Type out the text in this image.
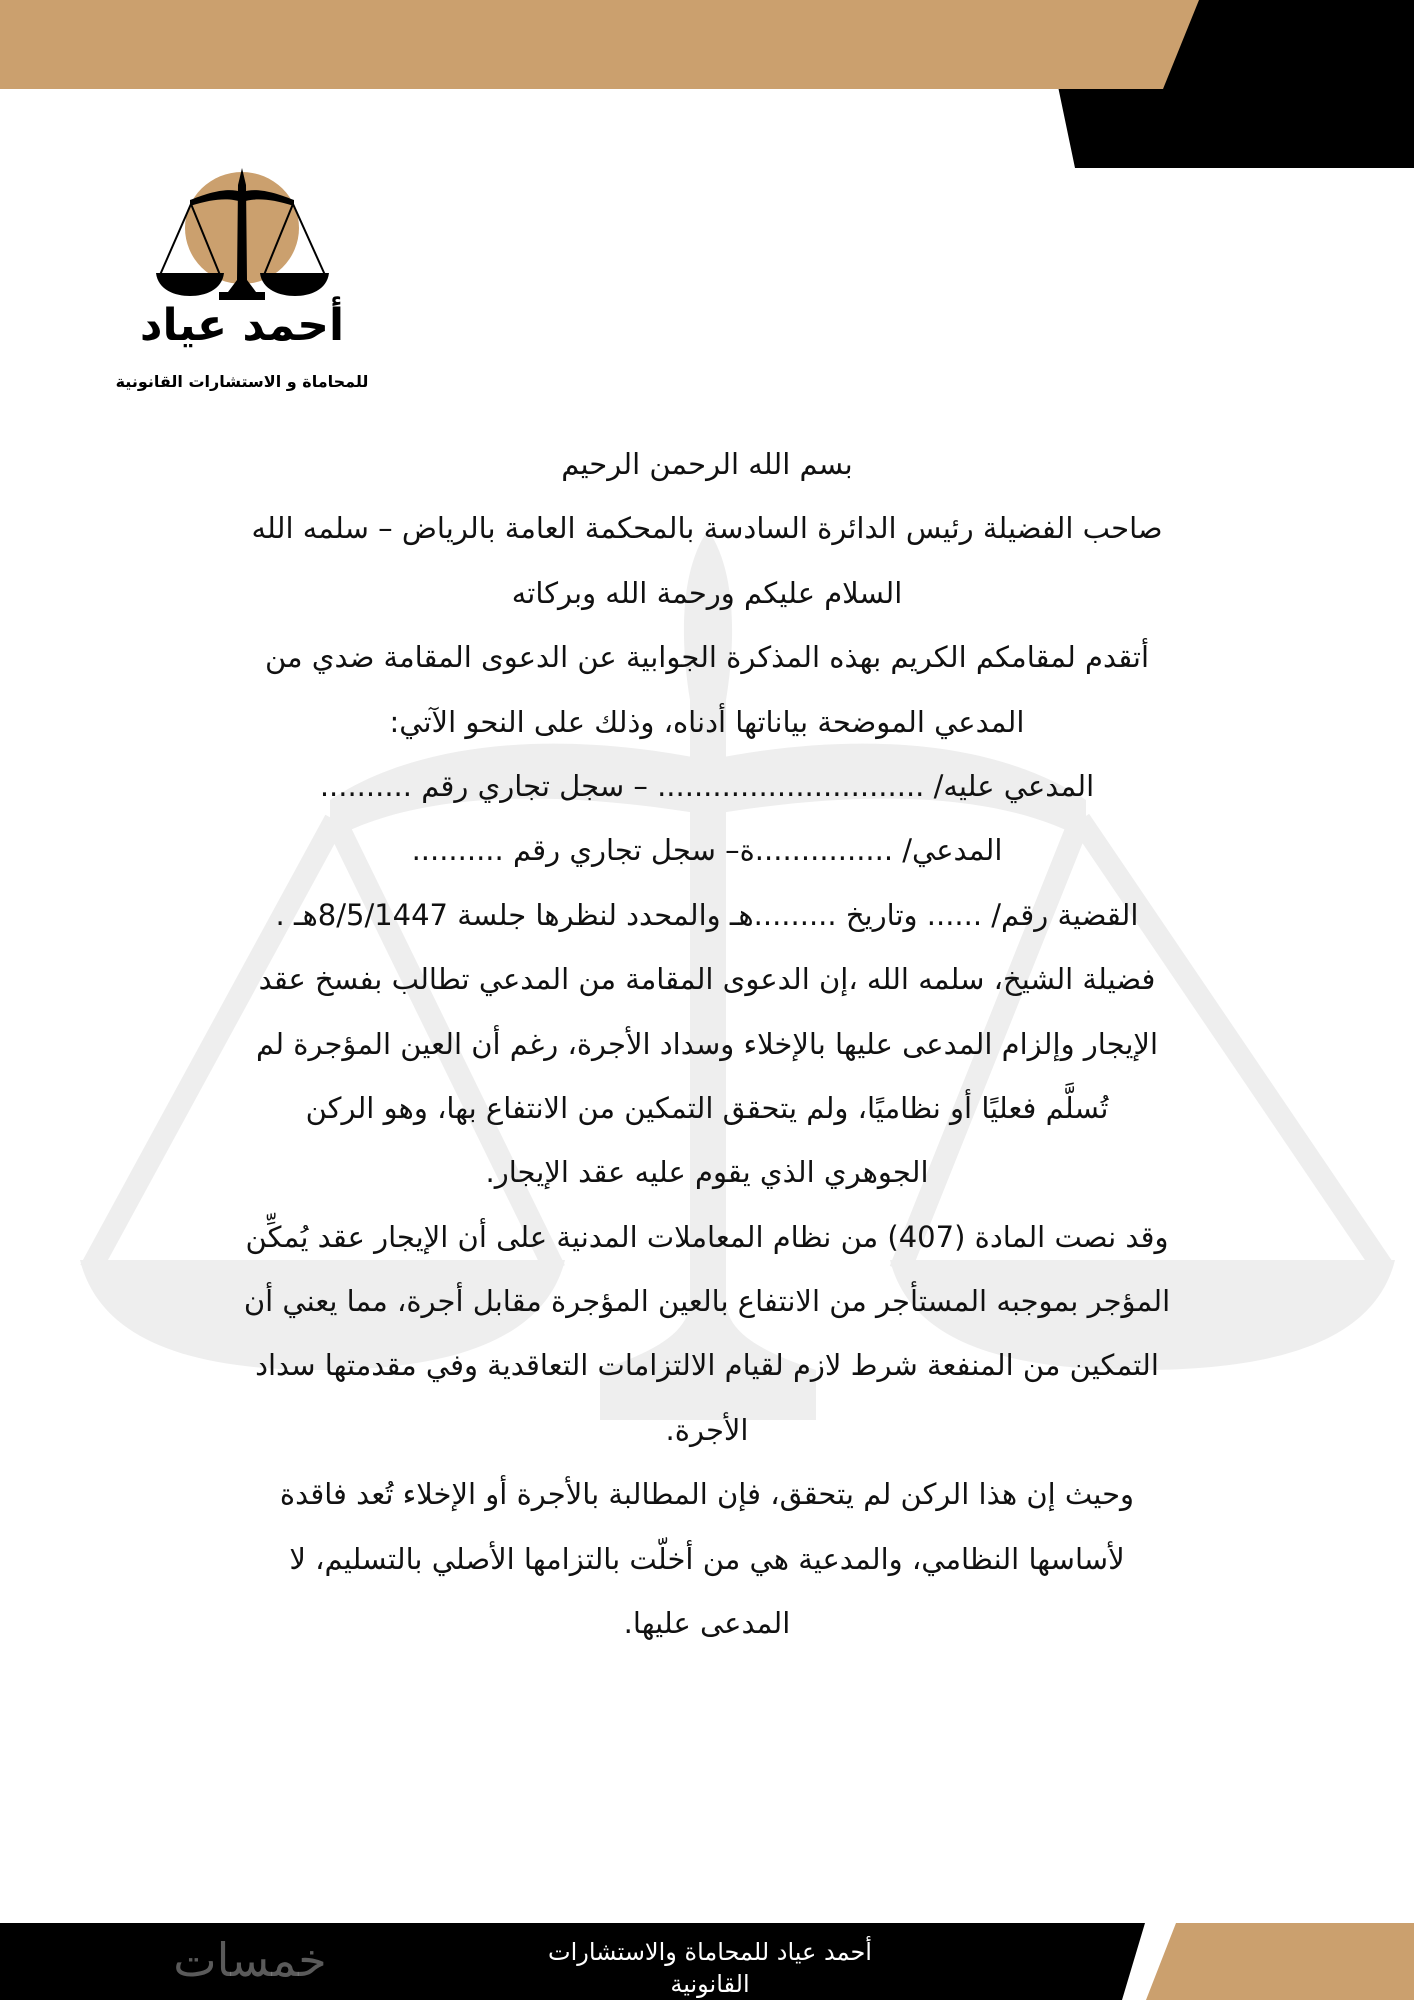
أحمد عياد
للمحاماة و الاستشارات القانونية
بسم الله الرحمن الرحيم
صاحب الفضيلة رئيس الدائرة السادسة بالمحكمة العامة بالرياض – سلمه الله
السلام عليكم ورحمة الله وبركاته
أتقدم لمقامكم الكريم بهذه المذكرة الجوابية عن الدعوى المقامة ضدي من
المدعي الموضحة بياناتها أدناه، وذلك على النحو الآتي:
المدعي عليه/ ............................. – سجل تجاري رقم ..........
المدعي/ ...............ة– سجل تجاري رقم ..........
القضية رقم/ ...... وتاريخ .........هـ والمحدد لنظرها جلسة 8/5/1447هـ .
فضيلة الشيخ، سلمه الله ،إن الدعوى المقامة من المدعي تطالب بفسخ عقد
الإيجار وإلزام المدعى عليها بالإخلاء وسداد الأجرة، رغم أن العين المؤجرة لم
تُسلَّم فعليًا أو نظاميًا، ولم يتحقق التمكين من الانتفاع بها، وهو الركن
الجوهري الذي يقوم عليه عقد الإيجار.
وقد نصت المادة (407) من نظام المعاملات المدنية على أن الإيجار عقد يُمكِّن
المؤجر بموجبه المستأجر من الانتفاع بالعين المؤجرة مقابل أجرة، مما يعني أن
التمكين من المنفعة شرط لازم لقيام الالتزامات التعاقدية وفي مقدمتها سداد
الأجرة.
وحيث إن هذا الركن لم يتحقق، فإن المطالبة بالأجرة أو الإخلاء تُعد فاقدة
لأساسها النظامي، والمدعية هي من أخلّت بالتزامها الأصلي بالتسليم، لا
المدعى عليها.
خمسات	أحمد عياد للمحاماة والاستشارات
القانونية
